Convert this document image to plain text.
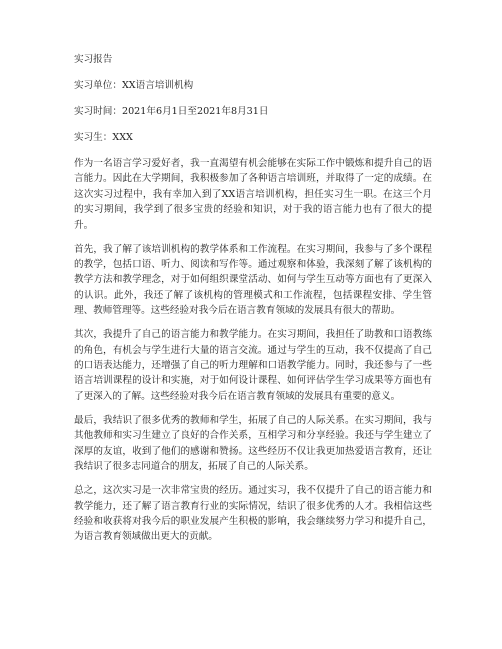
实习报告
实习单位：XX语言培训机构
实习时间：2021年6月1日至2021年8月31日
实习生：XXX
作为一名语言学习爱好者，我一直渴望有机会能够在实际工作中锻炼和提升自己的语言能力。因此在大学期间，我积极参加了各种语言培训班，并取得了一定的成绩。在这次实习过程中，我有幸加入到了XX语言培训机构，担任实习生一职。在这三个月的实习期间，我学到了很多宝贵的经验和知识，对于我的语言能力也有了很大的提升。
首先，我了解了该培训机构的教学体系和工作流程。在实习期间，我参与了多个课程的教学，包括口语、听力、阅读和写作等。通过观察和体验，我深刻了解了该机构的教学方法和教学理念，对于如何组织课堂活动、如何与学生互动等方面也有了更深入的认识。此外，我还了解了该机构的管理模式和工作流程，包括课程安排、学生管理、教师管理等。这些经验对我今后在语言教育领域的发展具有很大的帮助。
其次，我提升了自己的语言能力和教学能力。在实习期间，我担任了助教和口语教练的角色，有机会与学生进行大量的语言交流。通过与学生的互动，我不仅提高了自己的口语表达能力，还增强了自己的听力理解和口语教学能力。同时，我还参与了一些语言培训课程的设计和实施，对于如何设计课程、如何评估学生学习成果等方面也有了更深入的了解。这些经验对我今后在语言教育领域的发展具有重要的意义。
最后，我结识了很多优秀的教师和学生，拓展了自己的人际关系。在实习期间，我与其他教师和实习生建立了良好的合作关系，互相学习和分享经验。我还与学生建立了深厚的友谊，收到了他们的感谢和赞扬。这些经历不仅让我更加热爱语言教育，还让我结识了很多志同道合的朋友，拓展了自己的人际关系。
总之，这次实习是一次非常宝贵的经历。通过实习，我不仅提升了自己的语言能力和教学能力，还了解了语言教育行业的实际情况，结识了很多优秀的人才。我相信这些经验和收获将对我今后的职业发展产生积极的影响，我会继续努力学习和提升自己，为语言教育领域做出更大的贡献。
